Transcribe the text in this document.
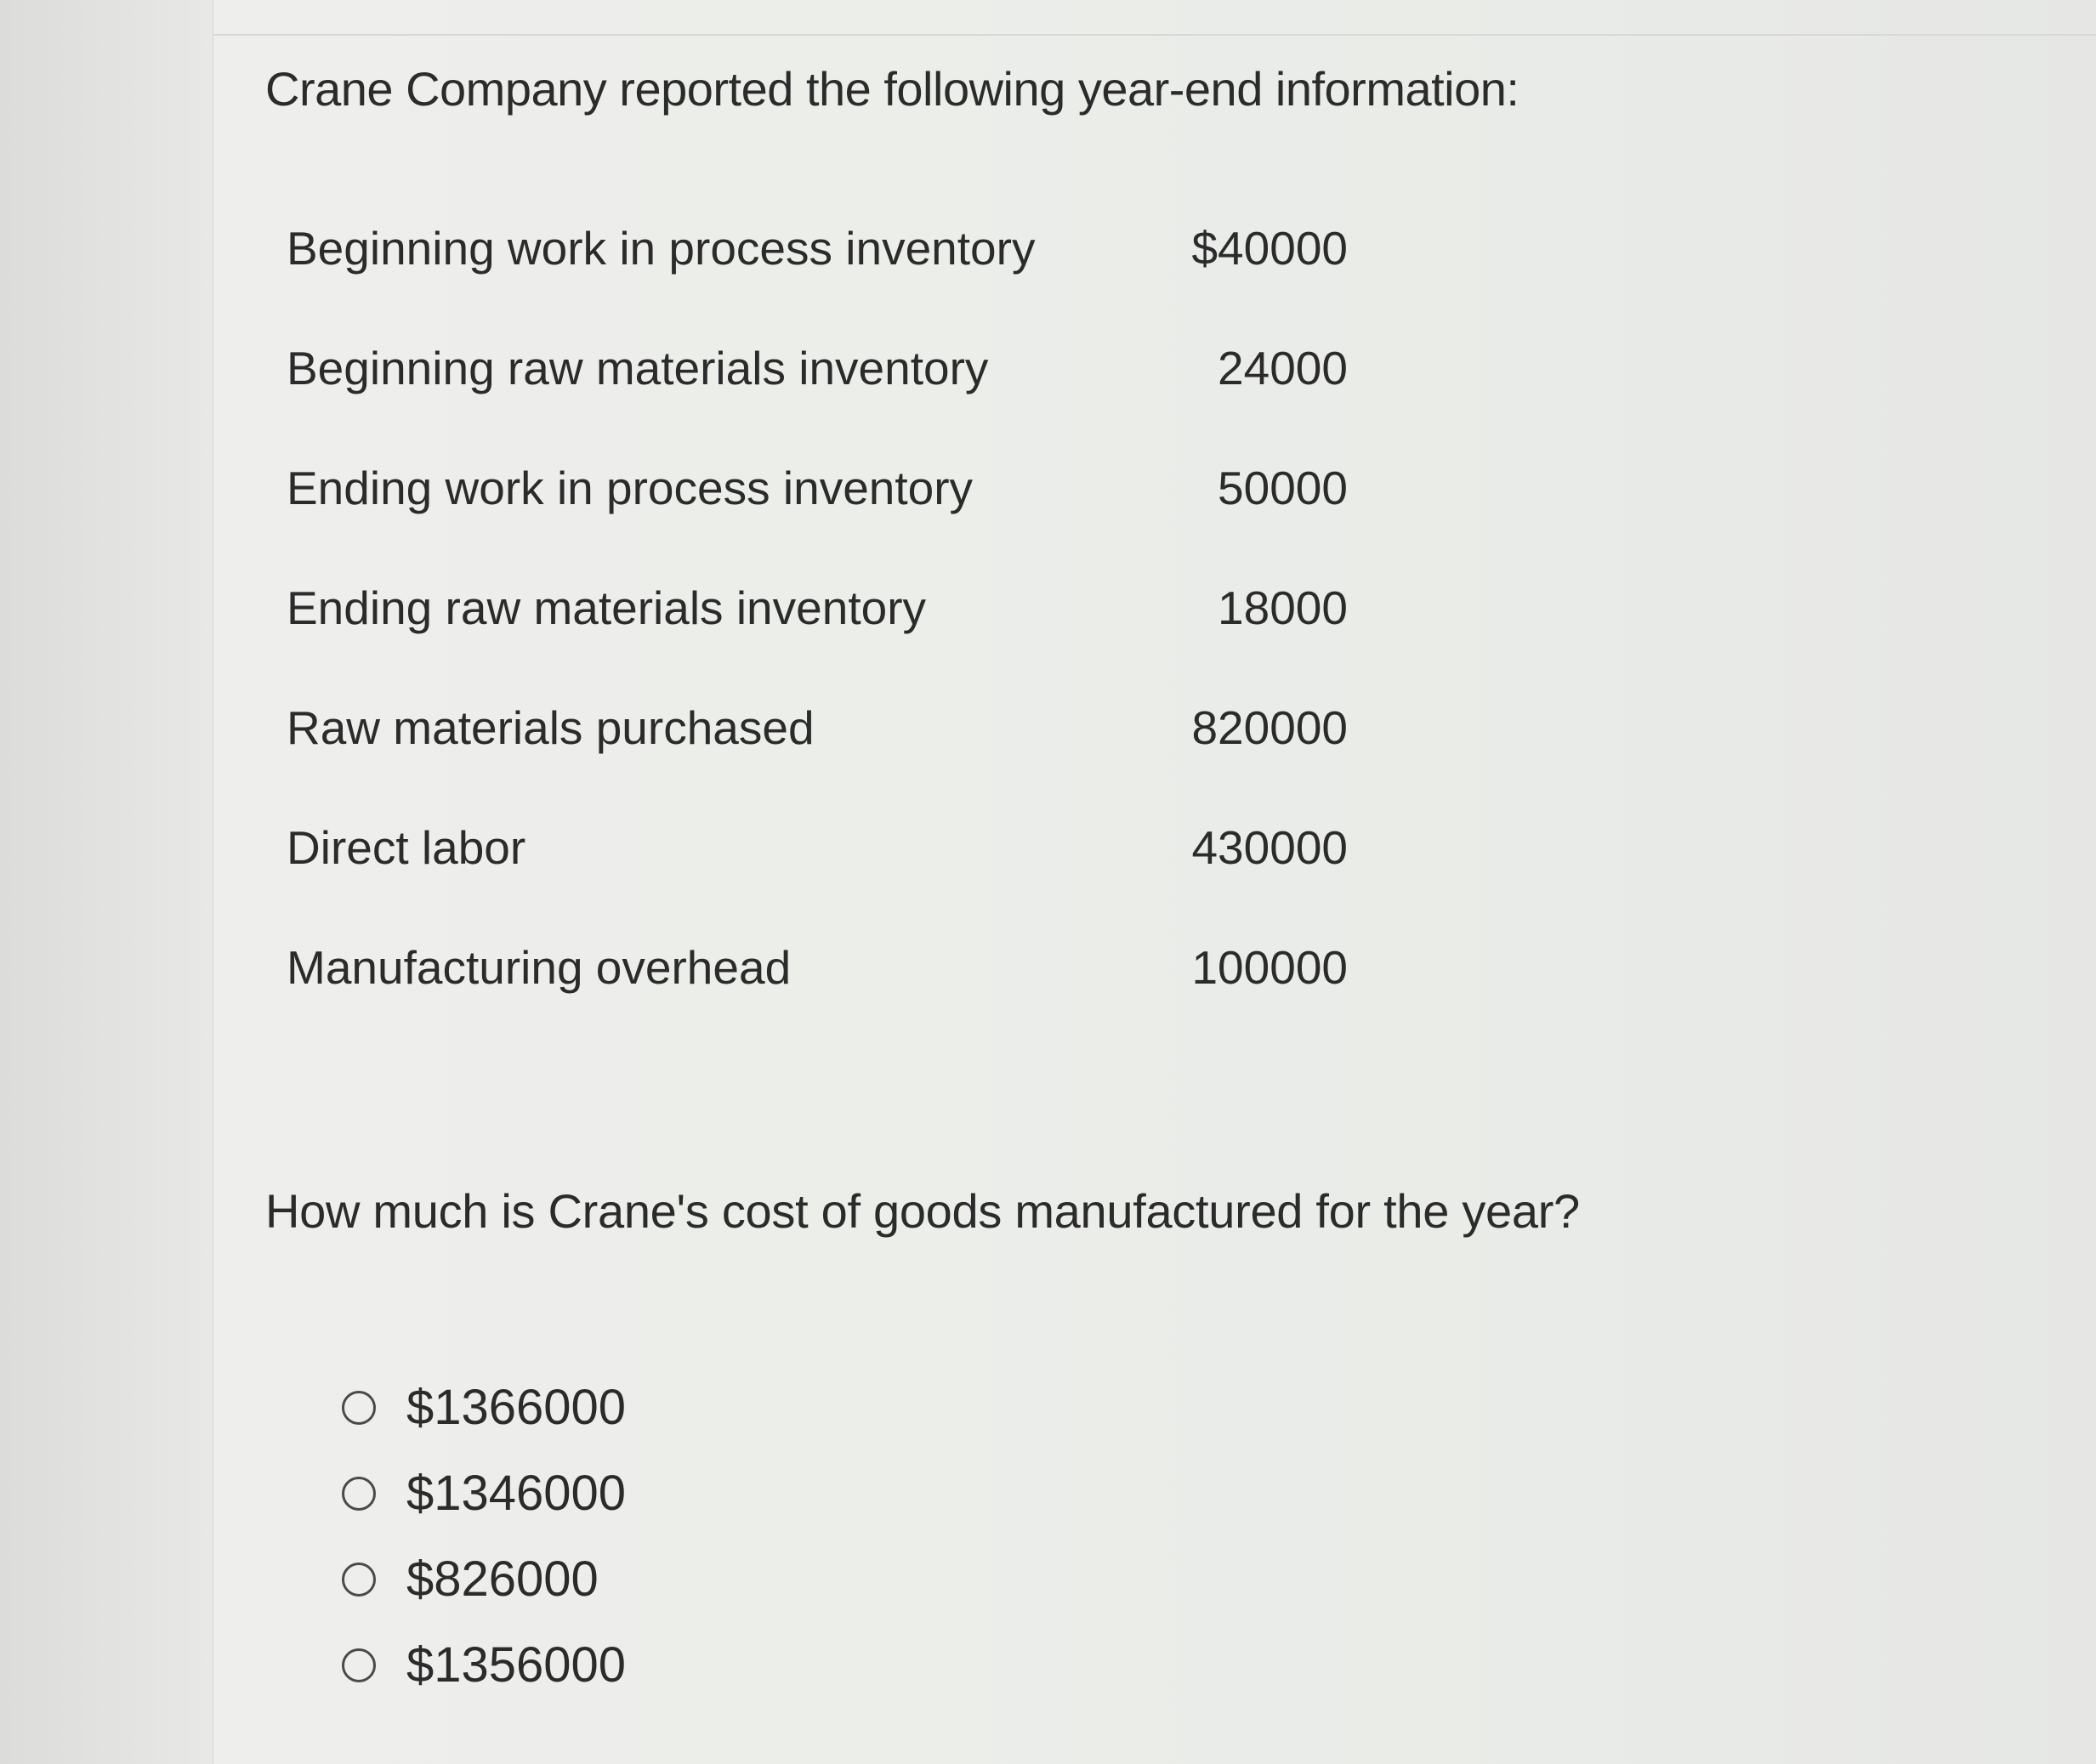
Crane Company reported the following year-end information:
Beginning work in process inventory	$40000
Beginning raw materials inventory	24000
Ending work in process inventory	50000
Ending raw materials inventory	18000
Raw materials purchased	820000
Direct labor	430000
Manufacturing overhead	100000

How much is Crane's cost of goods manufactured for the year?

$1366000
$1346000
$826000
$1356000
